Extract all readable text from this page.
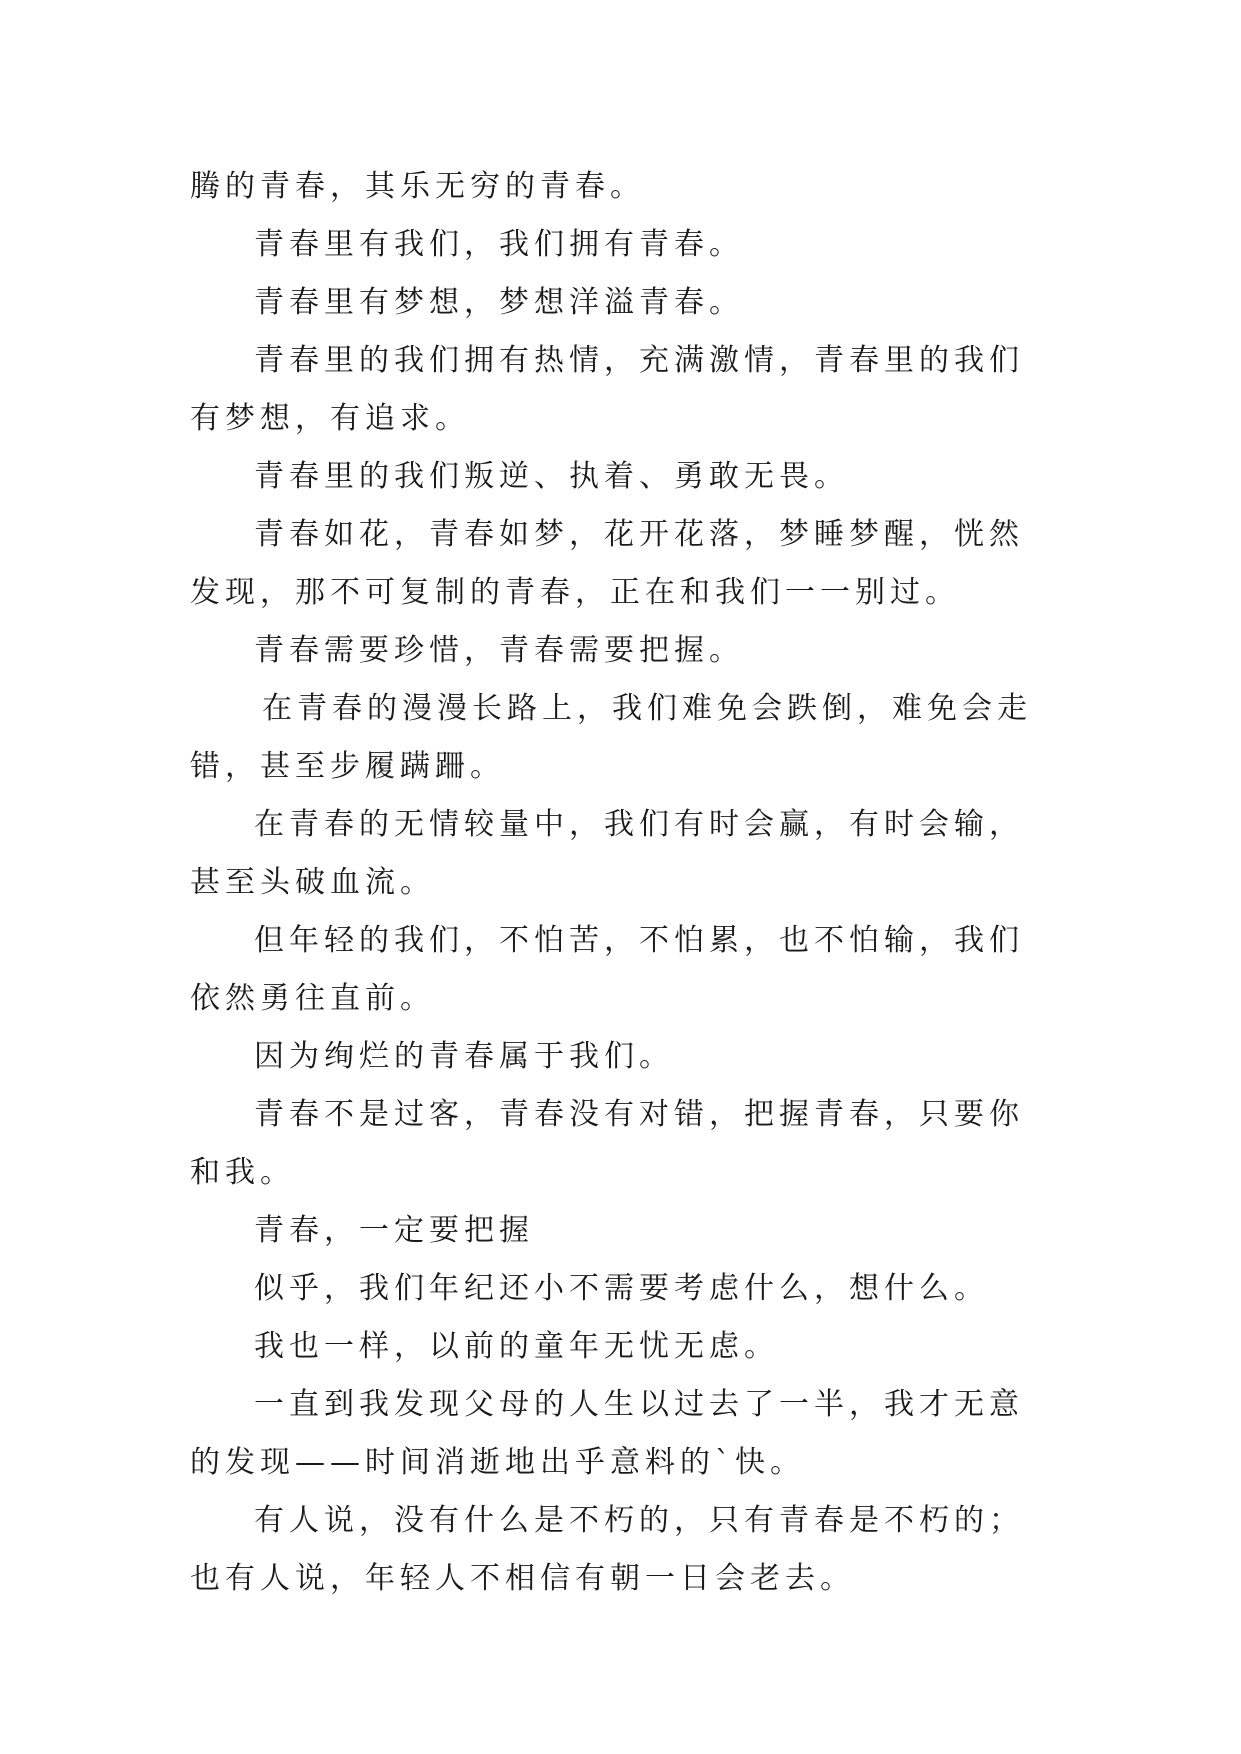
腾的青春，其乐无穷的青春。

青春里有我们，我们拥有青春。

青春里有梦想，梦想洋溢青春。

青春里的我们拥有热情，充满激情，青春里的我们有梦想，有追求。

青春里的我们叛逆、执着、勇敢无畏。

青春如花，青春如梦，花开花落，梦睡梦醒，恍然发现，那不可复制的青春，正在和我们一一别过。

青春需要珍惜，青春需要把握。

在青春的漫漫长路上，我们难免会跌倒，难免会走错，甚至步履蹒跚。

在青春的无情较量中，我们有时会赢，有时会输，甚至头破血流。

但年轻的我们，不怕苦，不怕累，也不怕输，我们依然勇往直前。

因为绚烂的青春属于我们。

青春不是过客，青春没有对错，把握青春，只要你和我。

青春，一定要把握

似乎，我们年纪还小不需要考虑什么，想什么。

我也一样，以前的童年无忧无虑。

一直到我发现父母的人生以过去了一半，我才无意的发现——时间消逝地出乎意料的`快。

有人说，没有什么是不朽的，只有青春是不朽的；也有人说，年轻人不相信有朝一日会老去。
